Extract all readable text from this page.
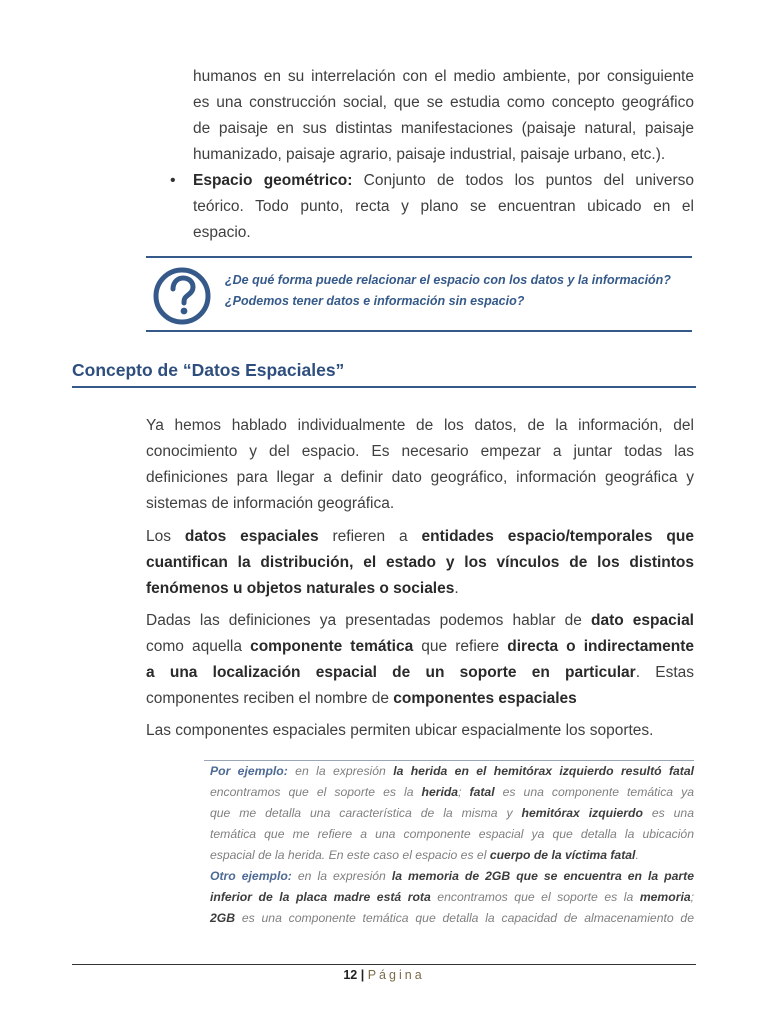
humanos en su interrelación con el medio ambiente, por consiguiente
es una construcción social, que se estudia como concepto geográfico
de paisaje en sus distintas manifestaciones (paisaje natural, paisaje
humanizado, paisaje agrario, paisaje industrial, paisaje urbano, etc.).
• Espacio geométrico: Conjunto de todos los puntos del universo
teórico. Todo punto, recta y plano se encuentran ubicado en el
espacio.
¿De qué forma puede relacionar el espacio con los datos y la información?
¿Podemos tener datos e información sin espacio?
Concepto de “Datos Espaciales”
Ya hemos hablado individualmente de los datos, de la información, del
conocimiento y del espacio. Es necesario empezar a juntar todas las
definiciones para llegar a definir dato geográfico, información geográfica y
sistemas de información geográfica.
Los datos espaciales refieren a entidades espacio/temporales que
cuantifican la distribución, el estado y los vínculos de los distintos
fenómenos u objetos naturales o sociales.
Dadas las definiciones ya presentadas podemos hablar de dato espacial
como aquella componente temática que refiere directa o indirectamente
a una localización espacial de un soporte en particular. Estas
componentes reciben el nombre de componentes espaciales
Las componentes espaciales permiten ubicar espacialmente los soportes.
Por ejemplo: en la expresión la herida en el hemitórax izquierdo resultó fatal
encontramos que el soporte es la herida; fatal es una componente temática ya
que me detalla una característica de la misma y hemitórax izquierdo es una
temática que me refiere a una componente espacial ya que detalla la ubicación
espacial de la herida. En este caso el espacio es el cuerpo de la víctima fatal.
Otro ejemplo: en la expresión la memoria de 2GB que se encuentra en la parte
inferior de la placa madre está rota encontramos que el soporte es la memoria;
2GB es una componente temática que detalla la capacidad de almacenamiento de
12 | Página
